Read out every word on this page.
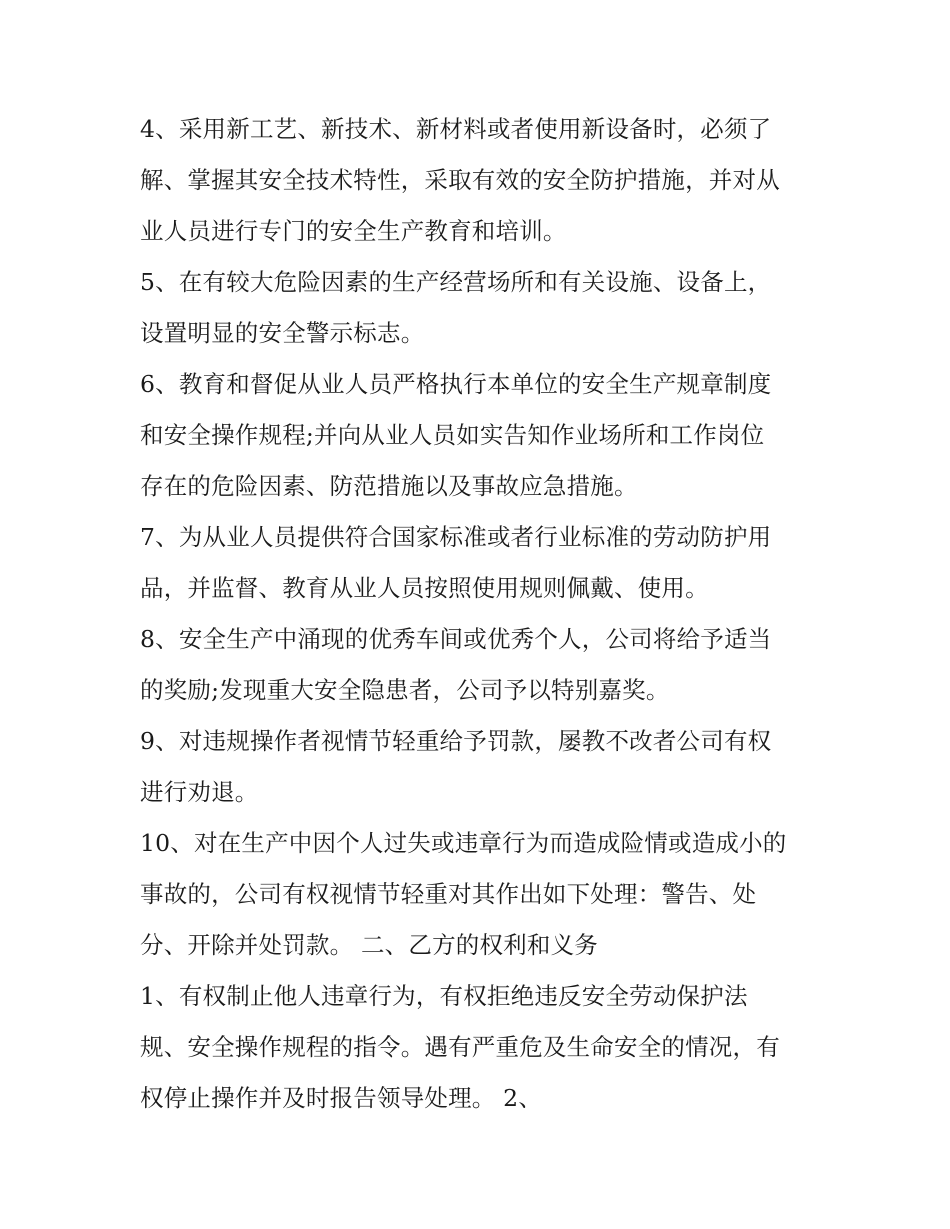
4、采用新工艺、新技术、新材料或者使用新设备时，必须了
解、掌握其安全技术特性，采取有效的安全防护措施，并对从
业人员进行专门的安全生产教育和培训。
5、在有较大危险因素的生产经营场所和有关设施、设备上，
设置明显的安全警示标志。
6、教育和督促从业人员严格执行本单位的安全生产规章制度
和安全操作规程;并向从业人员如实告知作业场所和工作岗位
存在的危险因素、防范措施以及事故应急措施。
7、为从业人员提供符合国家标准或者行业标准的劳动防护用
品，并监督、教育从业人员按照使用规则佩戴、使用。
8、安全生产中涌现的优秀车间或优秀个人，公司将给予适当
的奖励;发现重大安全隐患者，公司予以特别嘉奖。
9、对违规操作者视情节轻重给予罚款，屡教不改者公司有权
进行劝退。
10、对在生产中因个人过失或违章行为而造成险情或造成小的
事故的，公司有权视情节轻重对其作出如下处理：警告、处
分、开除并处罚款。 二、乙方的权利和义务
1、有权制止他人违章行为，有权拒绝违反安全劳动保护法
规、安全操作规程的指令。遇有严重危及生命安全的情况，有
权停止操作并及时报告领导处理。 2、
